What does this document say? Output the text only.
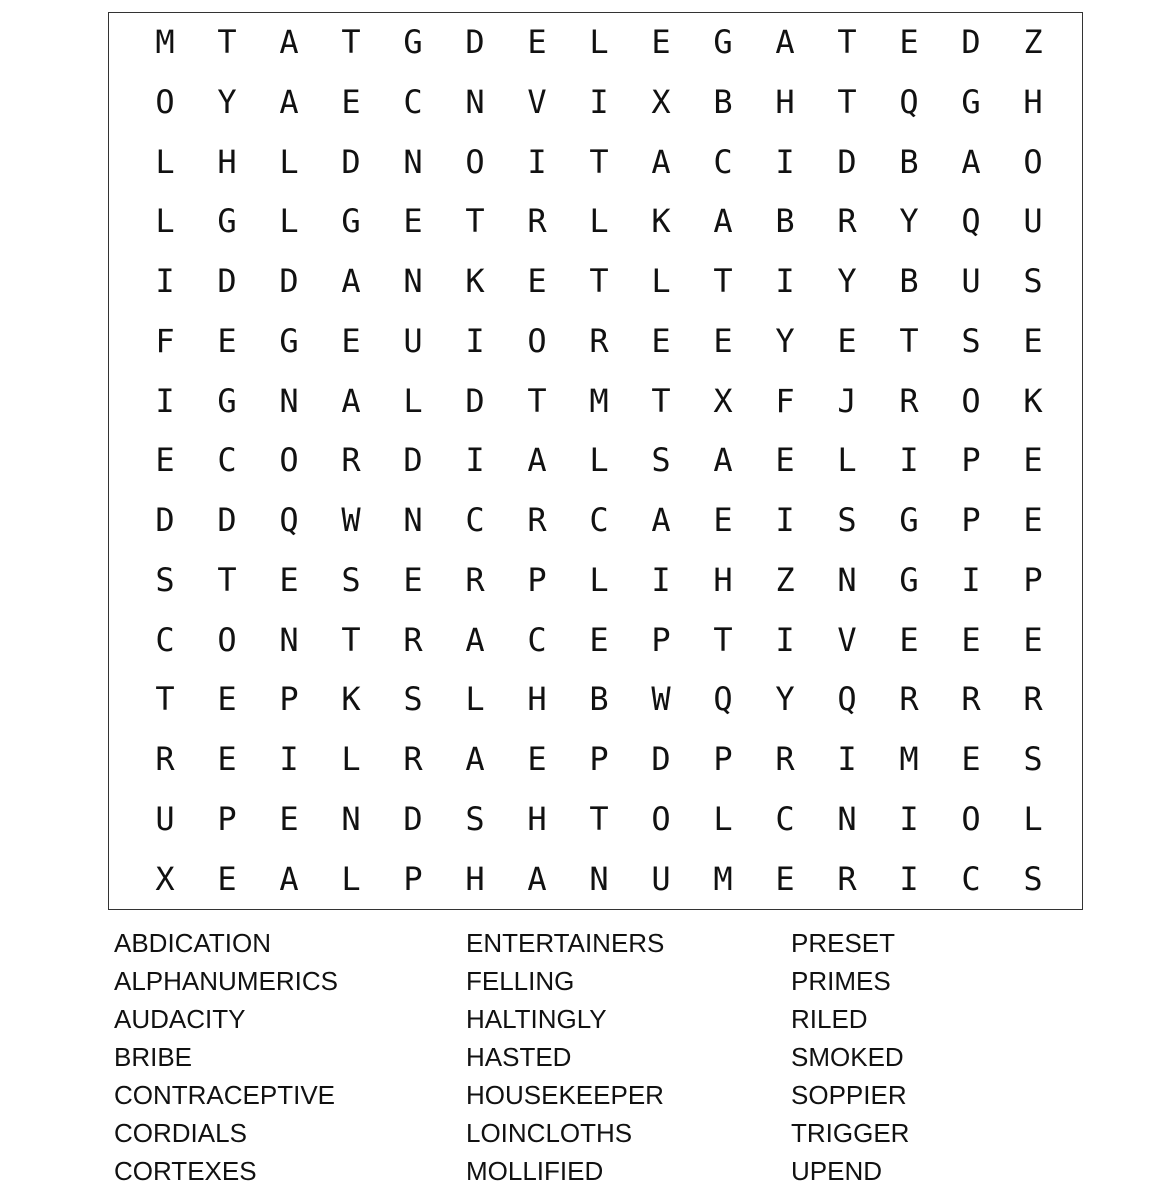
M	T	A	T	G	D	E	L	E	G	A	T	E	D	Z
O	Y	A	E	C	N	V	I	X	B	H	T	Q	G	H
L	H	L	D	N	O	I	T	A	C	I	D	B	A	O
L	G	L	G	E	T	R	L	K	A	B	R	Y	Q	U
I	D	D	A	N	K	E	T	L	T	I	Y	B	U	S
F	E	G	E	U	I	O	R	E	E	Y	E	T	S	E
I	G	N	A	L	D	T	M	T	X	F	J	R	O	K
E	C	O	R	D	I	A	L	S	A	E	L	I	P	E
D	D	Q	W	N	C	R	C	A	E	I	S	G	P	E
S	T	E	S	E	R	P	L	I	H	Z	N	G	I	P
C	O	N	T	R	A	C	E	P	T	I	V	E	E	E
T	E	P	K	S	L	H	B	W	Q	Y	Q	R	R	R
R	E	I	L	R	A	E	P	D	P	R	I	M	E	S
U	P	E	N	D	S	H	T	O	L	C	N	I	O	L
X	E	A	L	P	H	A	N	U	M	E	R	I	C	S
ABDICATION
ALPHANUMERICS
AUDACITY
BRIBE
CONTRACEPTIVE
CORDIALS
CORTEXES
ENTERTAINERS
FELLING
HALTINGLY
HASTED
HOUSEKEEPER
LOINCLOTHS
MOLLIFIED
PRESET
PRIMES
RILED
SMOKED
SOPPIER
TRIGGER
UPEND
